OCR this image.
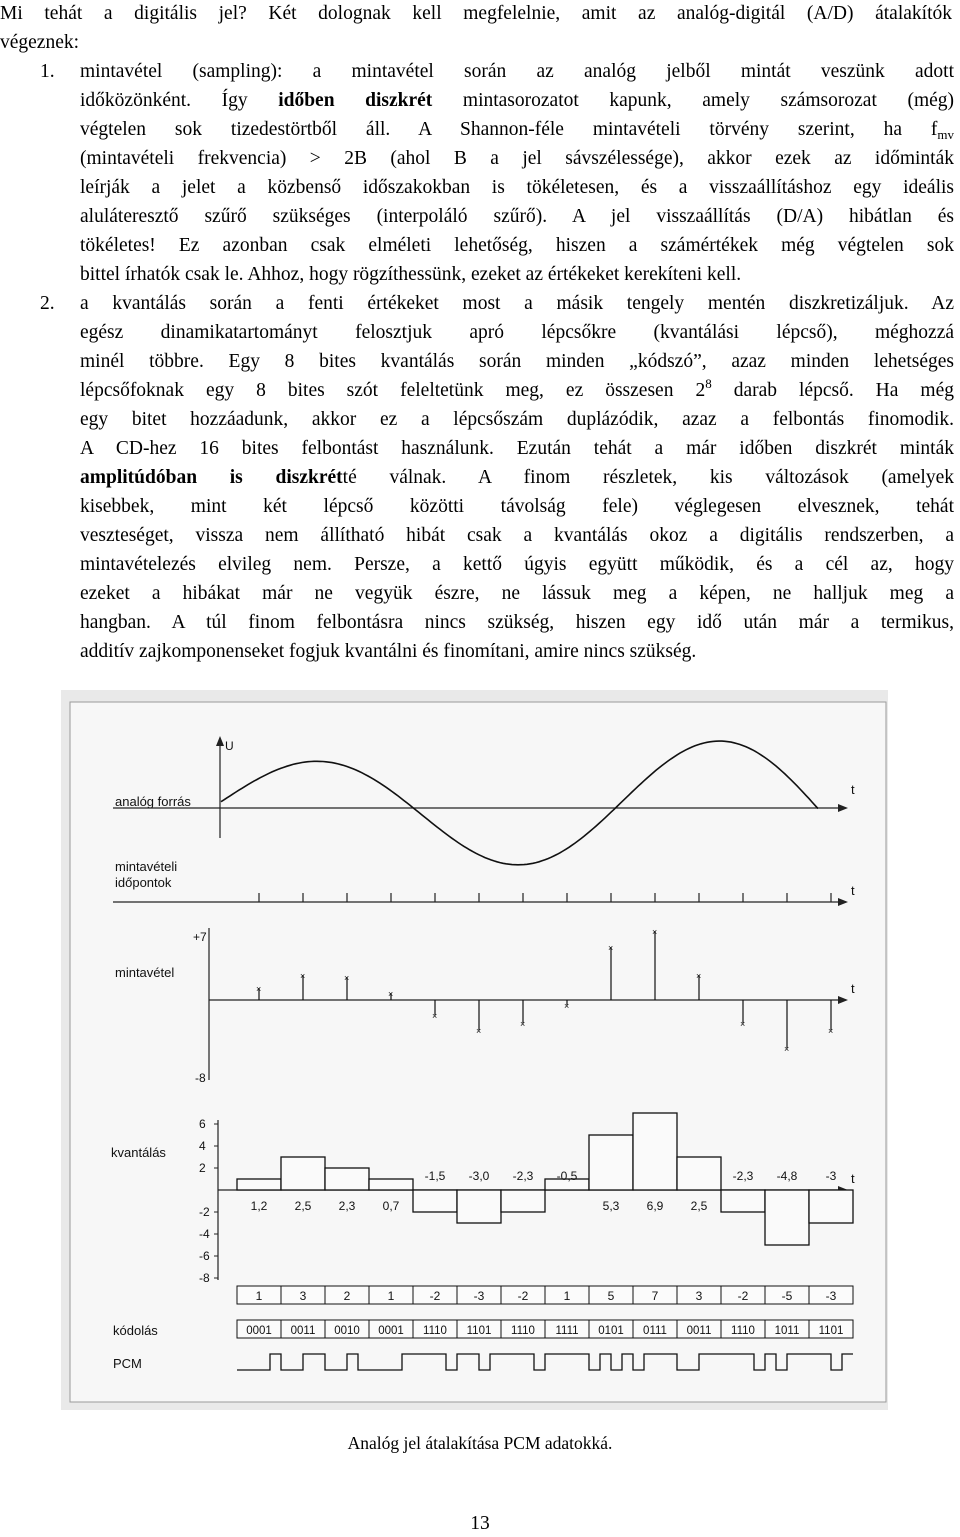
Mi tehát a digitális jel? Két dolognak kell megfelelnie, amit az analóg-digitál (A/D) átalakítók
végeznek:
1. mintavétel (sampling): a mintavétel során az analóg jelből mintát veszünk adott
időközönként. Így időben diszkrét mintasorozatot kapunk, amely számsorozat (még)
végtelen sok tizedestörtből áll. A Shannon-féle mintavételi törvény szerint, ha $f_{mv}$
(mintavételi frekvencia) > 2B (ahol B a jel sávszélessége), akkor ezek az időminták
leírják a jelet a közbenső időszakokban is tökéletesen, és a visszaállításhoz egy ideális
aluláteresztő szűrő szükséges (interpoláló szűrő). A jel visszaállítás (D/A) hibátlan és
tökéletes! Ez azonban csak elméleti lehetőség, hiszen a számértékek még végtelen sok
bittel írhatók csak le. Ahhoz, hogy rögzíthessünk, ezeket az értékeket kerekíteni kell.
2. a kvantálás során a fenti értékeket most a másik tengely mentén diszkretizáljuk. Az
egész dinamikatartományt felosztjuk apró lépcsőkre (kvantálási lépcső), méghozzá
minél többre. Egy 8 bites kvantálás során minden „kódszó”, azaz minden lehetséges
lépcsőfoknak egy 8 bites szót feleltetünk meg, ez összesen $2^8$ darab lépcső. Ha még
egy bitet hozzáadunk, akkor ez a lépcsőszám duplázódik, azaz a felbontás finomodik.
A CD-hez 16 bites felbontást használunk. Ezután tehát a már időben diszkrét minták
amplitúdóban is diszkrétté válnak. A finom részletek, kis változások (amelyek
kisebbek, mint két lépcső közötti távolság fele) véglegesen elvesznek, tehát
veszteséget, vissza nem állítható hibát csak a kvantálás okoz a digitális rendszerben, a
mintavételezés elvileg nem. Persze, a kettő úgyis együtt működik, és a cél az, hogy
ezeket a hibákat már ne vegyük észre, ne lássuk meg a képen, ne halljuk meg a
hangban. A túl finom felbontásra nincs szükség, hiszen egy idő után már a termikus,
additív zajkomponenseket fogjuk kvantálni és finomítani, amire nincs szükség.
analóg forrás
mintavételi
időpontok
mintavétel
kvantálás
kódolás
PCM
U
t
t
+7
-8
t
×
×	×
×
×
×
×
×
×
×
×
×
×
×
t
6
4
2
-2
-4
-6
-8
1,2 2,5 2,3 0,7
-1,5 -3,0 -2,3 -0,5
5,3 6,9 2,5
-2,3 -4,8 -3
1	3	2	1	-2	-3	-2	1	5	7	3	-2	-5	-3
0001 0011 0010 0001 1110 1101 1110 1111 0101 0111 0011 1110 1011 1101
Analóg jel átalakítása PCM adatokká.
13
